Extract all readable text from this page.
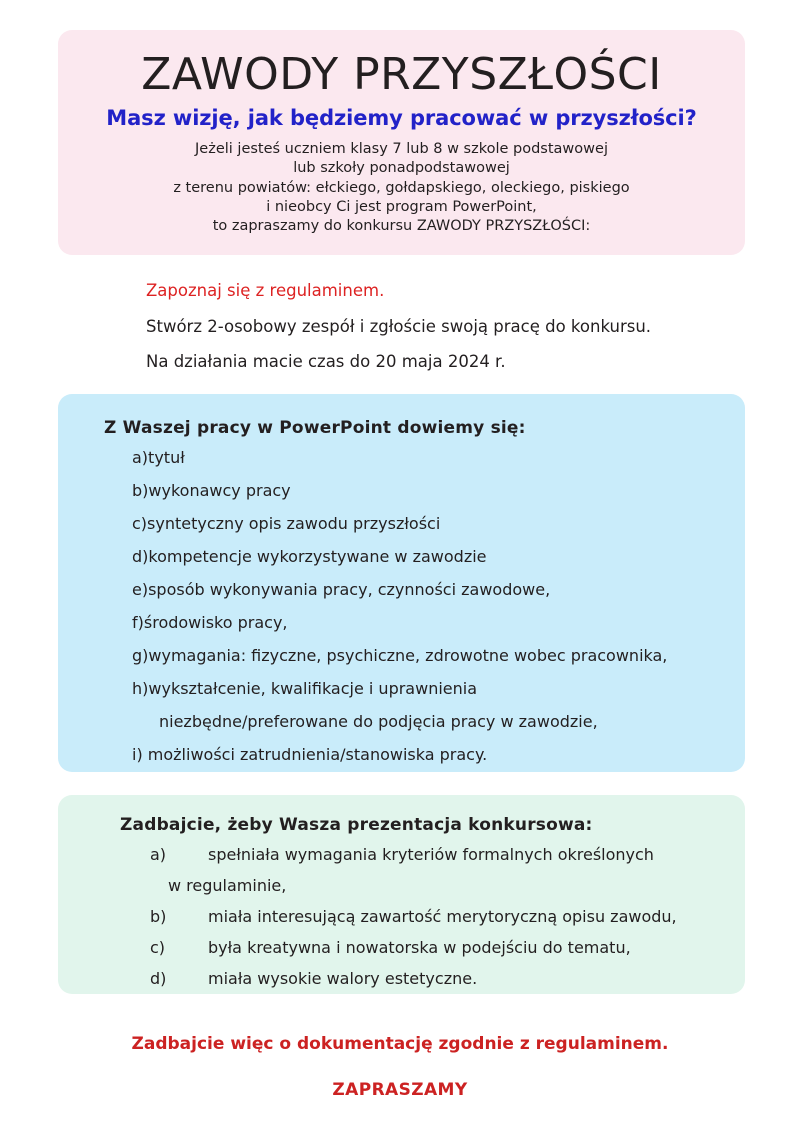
ZAWODY PRZYSZŁOŚCI

Masz wizję, jak będziemy pracować w przyszłości?

Jeżeli jesteś uczniem klasy 7 lub 8 w szkole podstawowej
lub szkoły ponadpodstawowej
z terenu powiatów: ełckiego, gołdapskiego, oleckiego, piskiego
i nieobcy Ci jest program PowerPoint,
to zapraszamy do konkursu ZAWODY PRZYSZŁOŚCI:
Zapoznaj się z regulaminem.
Stwórz 2-osobowy zespół i zgłoście swoją pracę do konkursu.
Na działania macie czas do 20 maja 2024 r.
Z Waszej pracy w PowerPoint dowiemy się:
a)tytuł
b)wykonawcy pracy
c)syntetyczny opis zawodu przyszłości
d)kompetencje wykorzystywane w zawodzie
e)sposób wykonywania pracy, czynności zawodowe,
f)środowisko pracy,
g)wymagania: fizyczne, psychiczne, zdrowotne wobec pracownika,
h)wykształcenie, kwalifikacje i uprawnienia
niezbędne/preferowane do podjęcia pracy w zawodzie,
i) możliwości zatrudnienia/stanowiska pracy.
Zadbajcie, żeby Wasza prezentacja konkursowa:
a)	spełniała wymagania kryteriów formalnych określonych
w regulaminie,
b)	miała interesującą zawartość merytoryczną opisu zawodu,
c)	była kreatywna i nowatorska w podejściu do tematu,
d)	miała wysokie walory estetyczne.
Zadbajcie więc o dokumentację zgodnie z regulaminem.
ZAPRASZAMY
